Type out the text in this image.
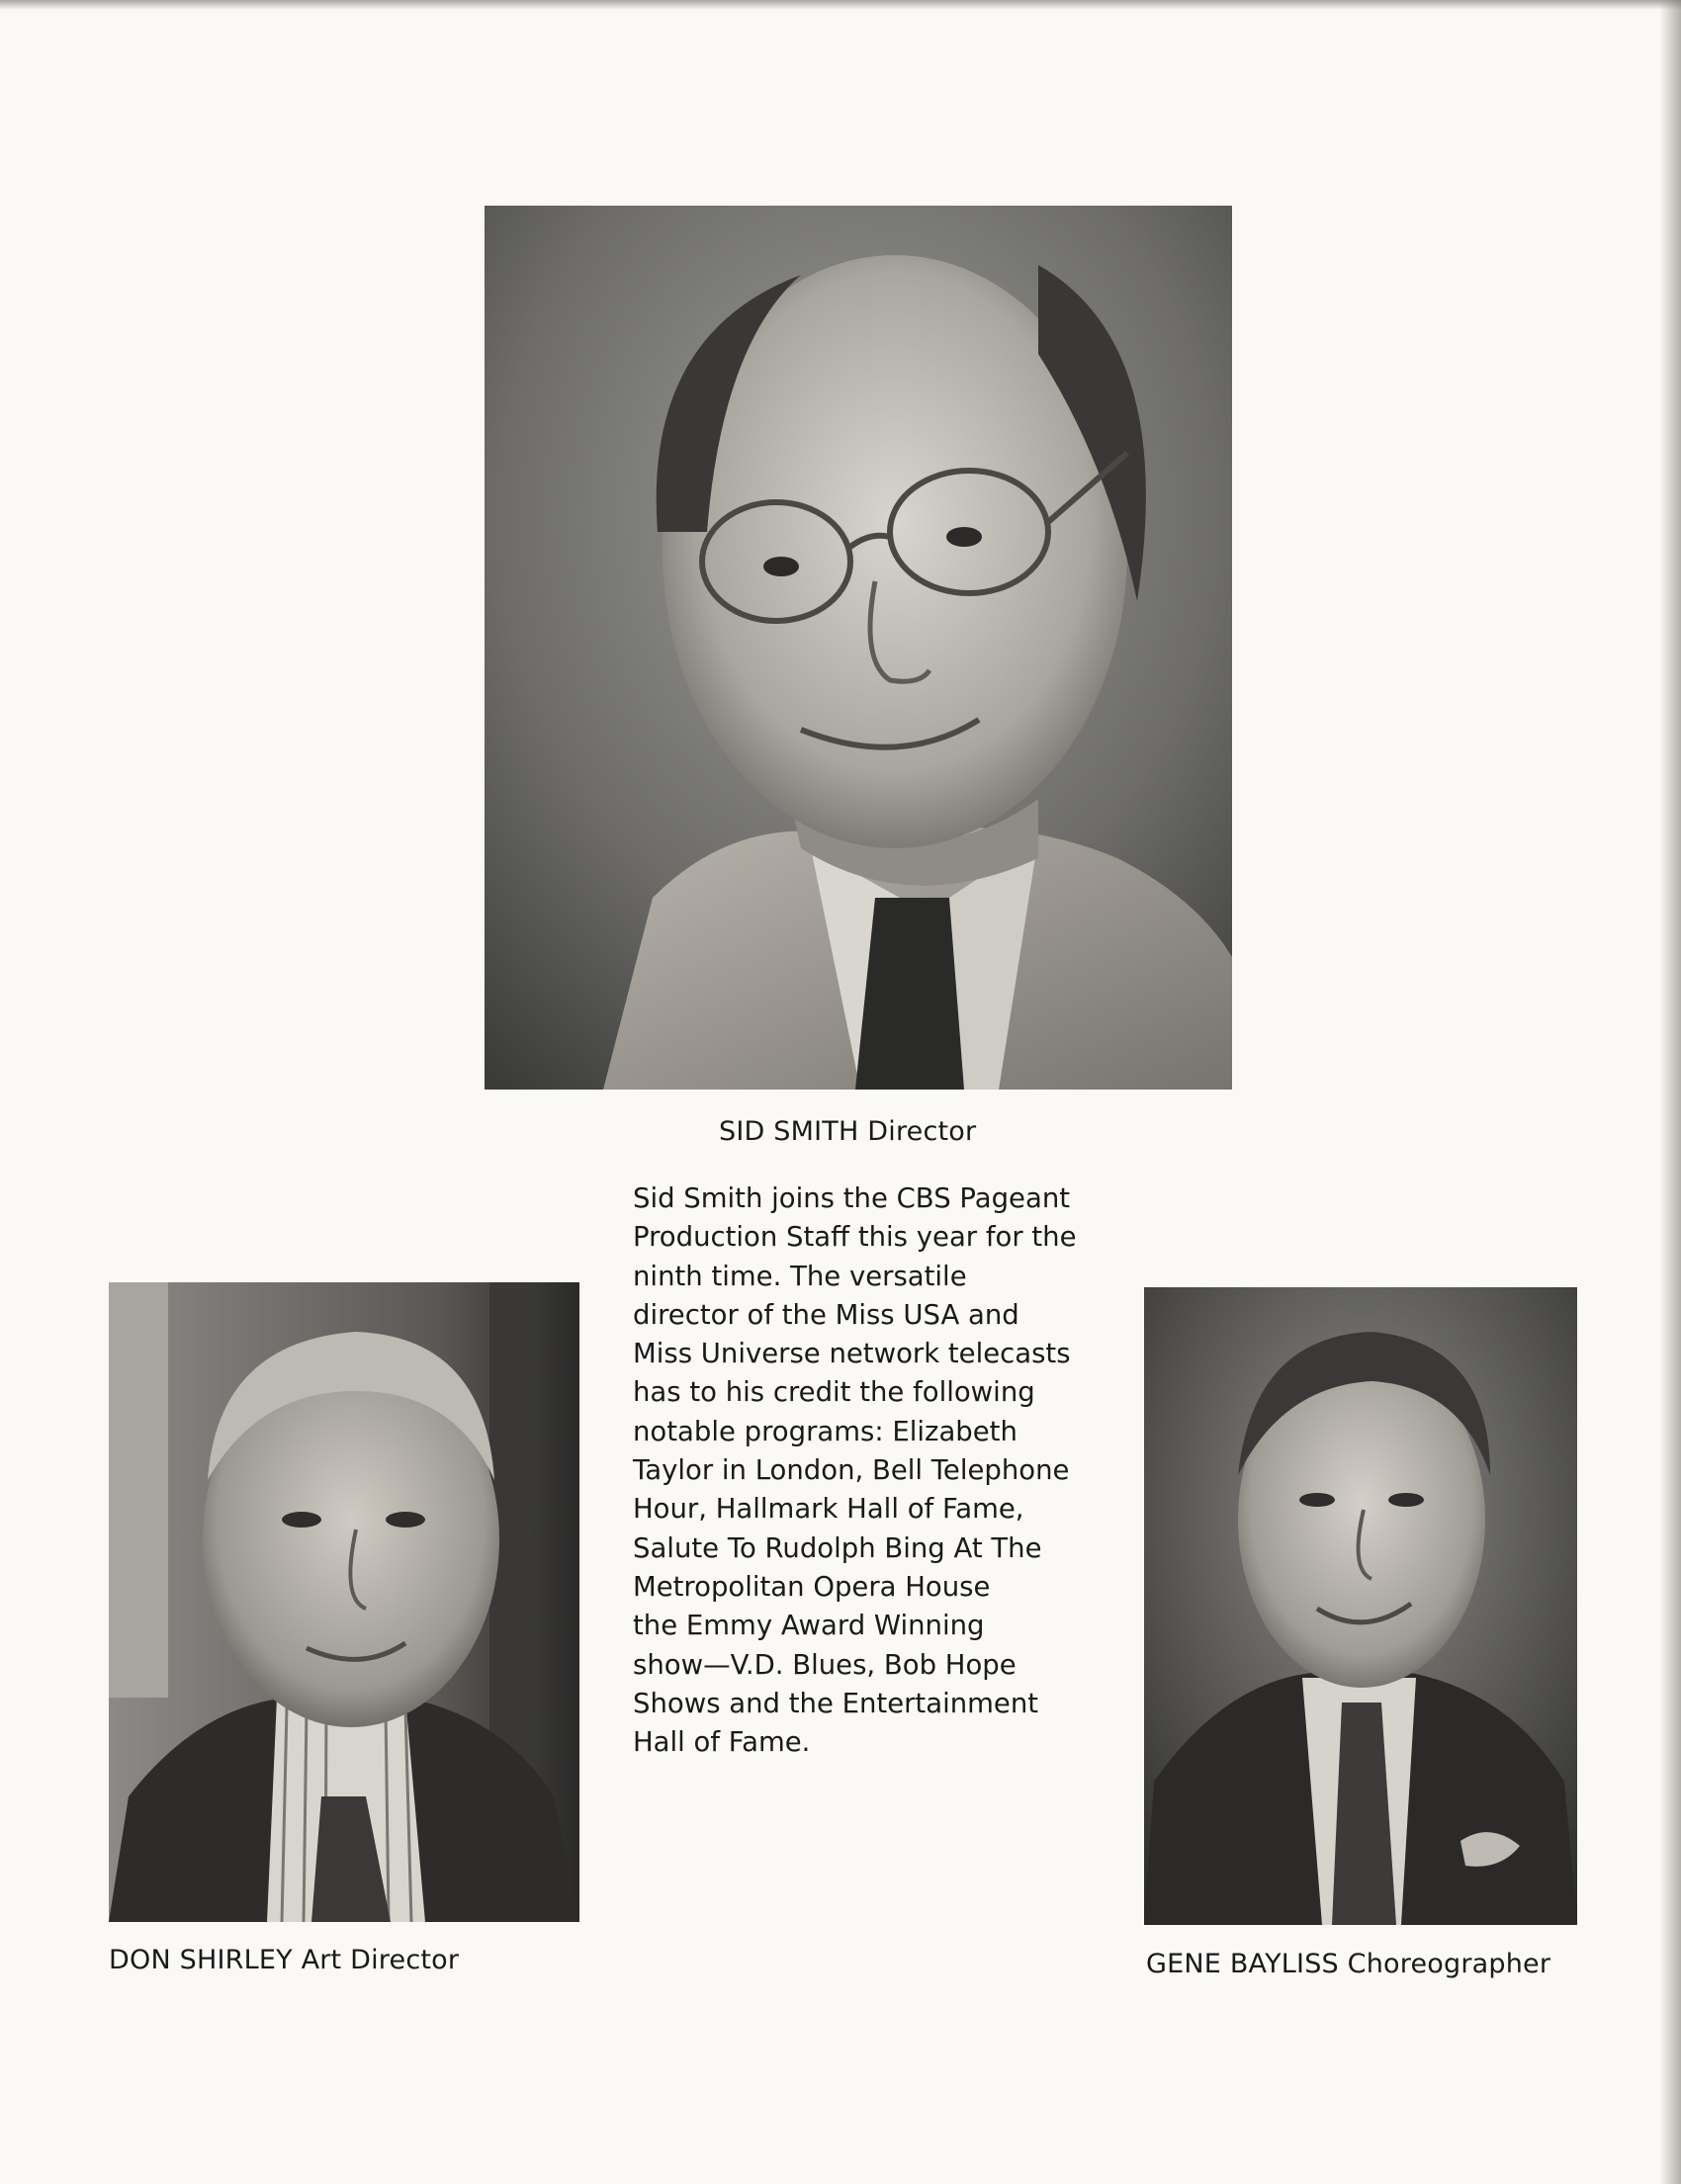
SID SMITH Director
Sid Smith joins the CBS Pageant
Production Staff this year for the
ninth time. The versatile
director of the Miss USA and
Miss Universe network telecasts
has to his credit the following
notable programs: Elizabeth
Taylor in London, Bell Telephone
Hour, Hallmark Hall of Fame,
Salute To Rudolph Bing At The
Metropolitan Opera House
the Emmy Award Winning
show—V.D. Blues, Bob Hope
Shows and the Entertainment
Hall of Fame.
DON SHIRLEY Art Director	GENE BAYLISS Choreographer
